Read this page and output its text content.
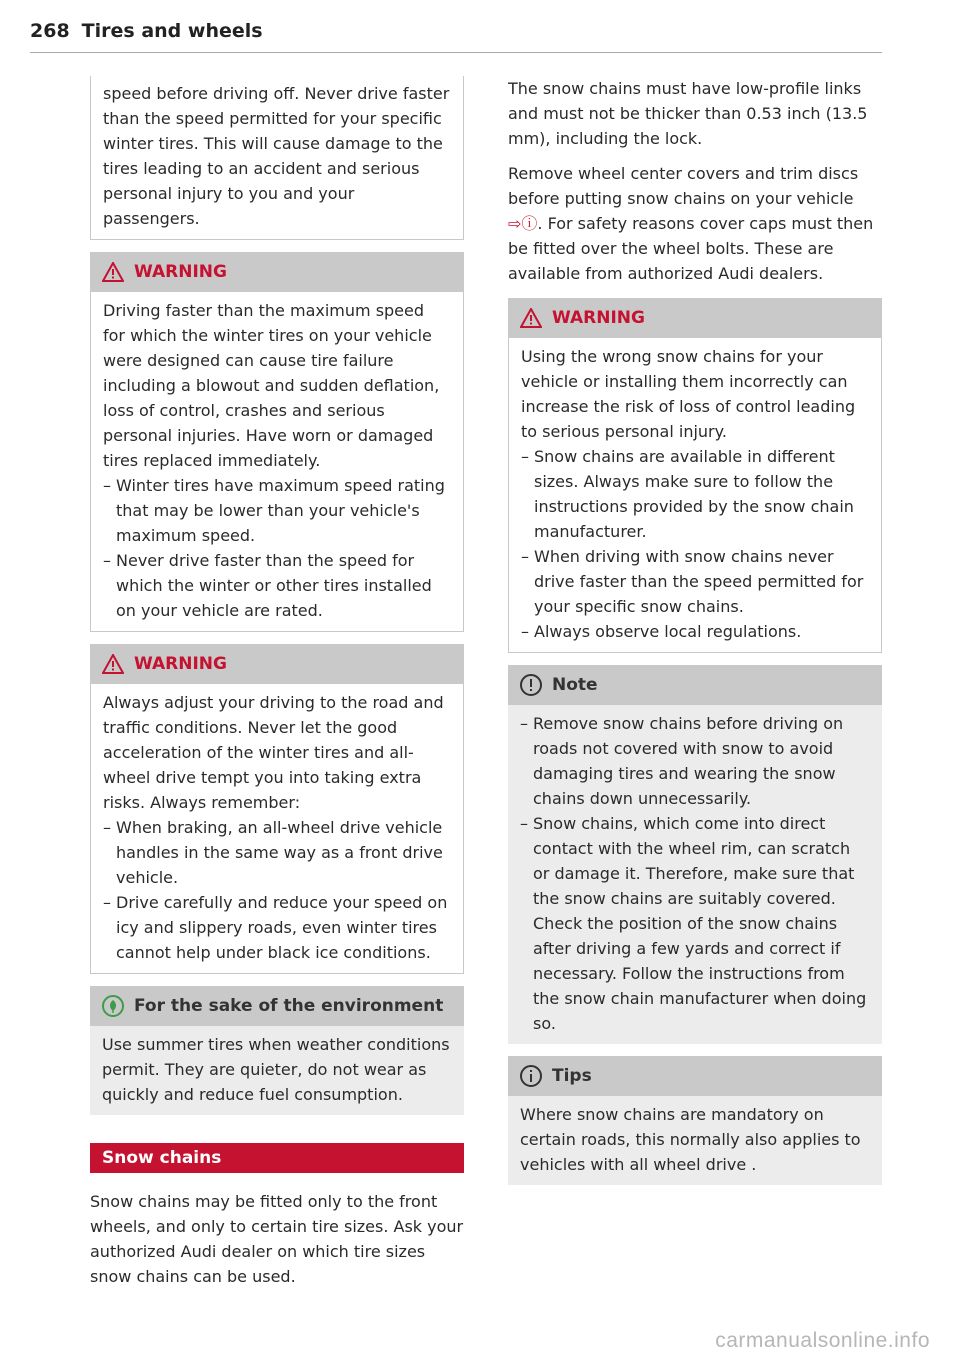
268 Tires and wheels

speed before driving off. Never drive faster than the speed permitted for your specific winter tires. This will cause damage to the tires leading to an accident and serious personal injury to you and your passengers.

WARNING

Driving faster than the maximum speed for which the winter tires on your vehicle were designed can cause tire failure including a blowout and sudden deflation, loss of control, crashes and serious personal injuries. Have worn or damaged tires replaced immediately.

– Winter tires have maximum speed rating that may be lower than your vehicle's maximum speed.
– Never drive faster than the speed for which the winter or other tires installed on your vehicle are rated.
WARNING

Always adjust your driving to the road and traffic conditions. Never let the good acceleration of the winter tires and all-wheel drive tempt you into taking extra risks. Always remember:

– When braking, an all-wheel drive vehicle handles in the same way as a front drive vehicle.
– Drive carefully and reduce your speed on icy and slippery roads, even winter tires cannot help under black ice conditions.
For the sake of the environment

Use summer tires when weather conditions permit. They are quieter, do not wear as quickly and reduce fuel consumption.

Snow chains

Snow chains may be fitted only to the front wheels, and only to certain tire sizes. Ask your authorized Audi dealer on which tire sizes snow chains can be used.

The snow chains must have low-profile links and must not be thicker than 0.53 inch (13.5 mm), including the lock.

Remove wheel center covers and trim discs before putting snow chains on your vehicle ⇨ⓘ. For safety reasons cover caps must then be fitted over the wheel bolts. These are available from authorized Audi dealers.

WARNING

Using the wrong snow chains for your vehicle or installing them incorrectly can increase the risk of loss of control leading to serious personal injury.

– Snow chains are available in different sizes. Always make sure to follow the instructions provided by the snow chain manufacturer.
– When driving with snow chains never drive faster than the speed permitted for your specific snow chains.
– Always observe local regulations.
Note
– Remove snow chains before driving on roads not covered with snow to avoid damaging tires and wearing the snow chains down unnecessarily.
– Snow chains, which come into direct contact with the wheel rim, can scratch or damage it. Therefore, make sure that the snow chains are suitably covered. Check the position of the snow chains after driving a few yards and correct if necessary. Follow the instructions from the snow chain manufacturer when doing so.
Tips

Where snow chains are mandatory on certain roads, this normally also applies to vehicles with all wheel drive .

carmanualsonline.info
